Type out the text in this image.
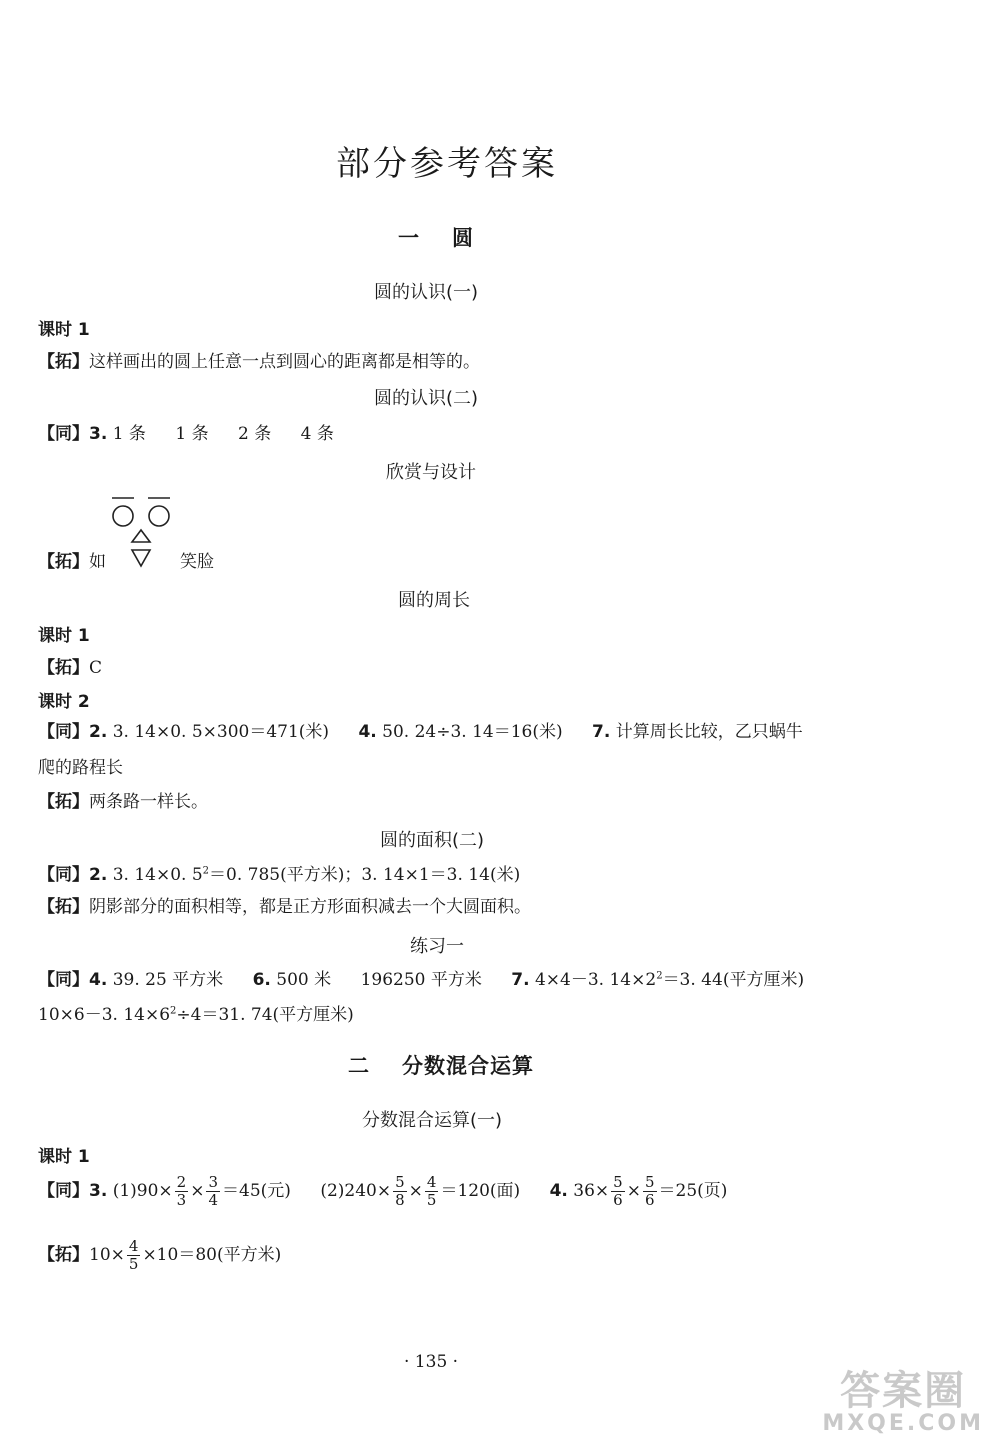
部分参考答案
一 圆
圆的认识(一)
课时 1
【拓】这样画出的圆上任意一点到圆心的距离都是相等的。
圆的认识(二)
【同】3. 1 条 1 条 2 条 4 条
欣赏与设计
【拓】如	笑脸
圆的周长
课时 1
【拓】C
课时 2
【同】2. 3. 14×0. 5×300＝471(米) 4. 50. 24÷3. 14＝16(米) 7. 计算周长比较，乙只蜗牛
爬的路程长
【拓】两条路一样长。
圆的面积(二)
【同】2. 3. 14×0. $5^2=0$. 785(平方米)；3. 14×1＝3. 14(米)
【拓】阴影部分的面积相等，都是正方形面积减去一个大圆面积。
练习一
【同】4. 39. 25 平方米 6. 500 米 196250 平方米 7. 4×4－3. $14\times 2^2=3$. 44(平方厘米)
10×6－3. $14\times 6^2\div 4=31$. 74(平方厘米)
二 分数混合运算
分数混合运算(一)
课时 1
【同】3. $(1)90\times \frac{2}{3} \times \frac{3}{4} =45$(元) $(2)240\times \frac{5}{8} \times \frac{4}{5} =120$(面) 4. $36\times \frac{5}{6} \times \frac{5}{6} =25$(页)
【拓】$10\times \frac{4}{5} \times 10=80$(平方米)
· 135 ·
答案圈
MXQE.COM
